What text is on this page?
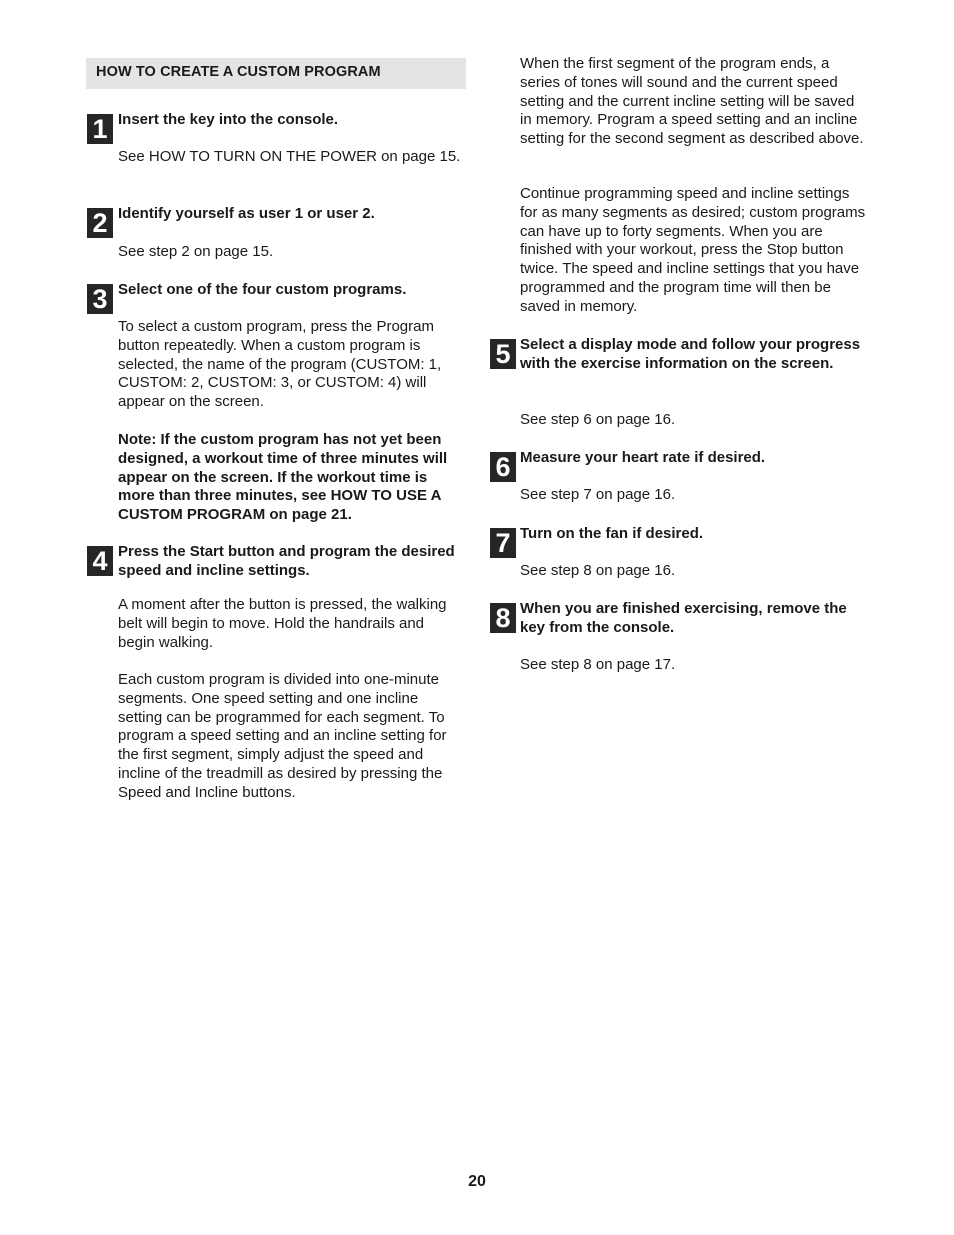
HOW TO CREATE A CUSTOM PROGRAM
1 Insert the key into the console.

See HOW TO TURN ON THE POWER on page 15.

2 Identify yourself as user 1 or user 2.

See step 2 on page 15.

3 Select one of the four custom programs.

To select a custom program, press the Program button repeatedly. When a custom program is selected, the name of the program (CUSTOM: 1, CUSTOM: 2, CUSTOM: 3, or CUSTOM: 4) will appear on the screen.

Note: If the custom program has not yet been designed, a workout time of three minutes will appear on the screen. If the workout time is more than three minutes, see HOW TO USE A CUSTOM PROGRAM on page 21.

4 Press the Start button and program the desired speed and incline settings.

A moment after the button is pressed, the walking belt will begin to move. Hold the handrails and begin walking.

Each custom program is divided into one-minute segments. One speed setting and one incline setting can be programmed for each segment. To program a speed setting and an incline setting for the first segment, simply adjust the speed and incline of the treadmill as desired by pressing the Speed and Incline buttons.

When the first segment of the program ends, a series of tones will sound and the current speed setting and the current incline setting will be saved in memory. Program a speed setting and an incline setting for the second segment as described above.

Continue programming speed and incline settings for as many segments as desired; custom programs can have up to forty segments. When you are finished with your workout, press the Stop button twice. The speed and incline settings that you have programmed and the program time will then be saved in memory.

5 Select a display mode and follow your progress with the exercise information on the screen.

See step 6 on page 16.

6 Measure your heart rate if desired.

See step 7 on page 16.

7 Turn on the fan if desired.

See step 8 on page 16.

8 When you are finished exercising, remove the key from the console.

See step 8 on page 17.

20
